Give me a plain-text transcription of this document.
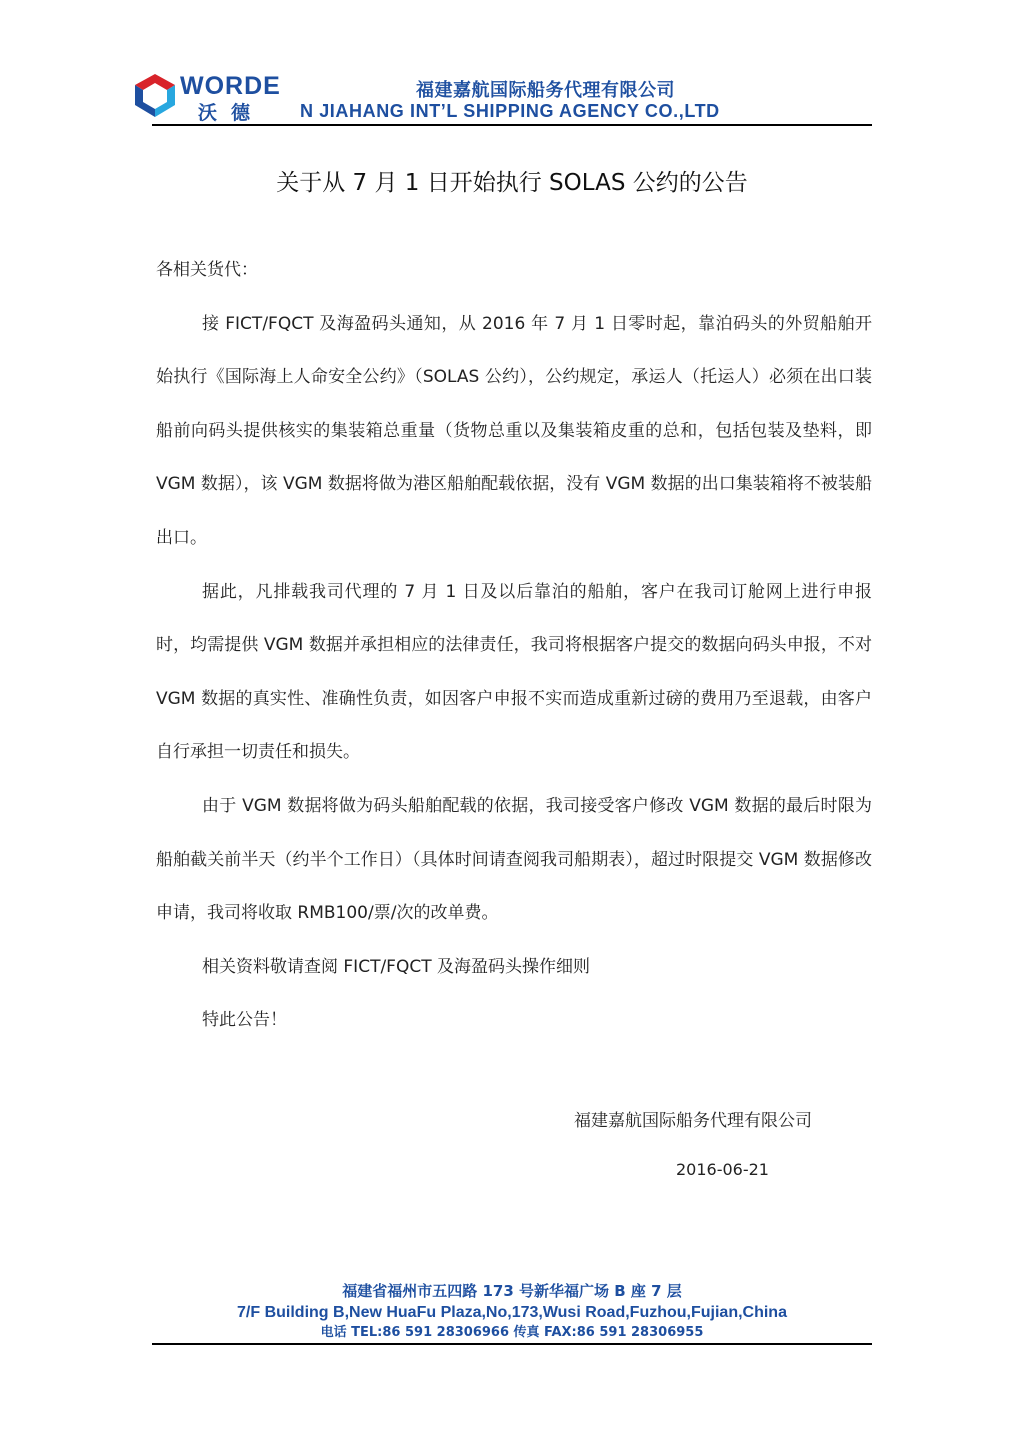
WORDE
沃德
福建嘉航国际船务代理有限公司
N JIAHANG INT’L SHIPPING AGENCY CO.,LTD
关于从 7 月 1 日开始执行 SOLAS 公约的公告

各相关货代：

接 FICT/FQCT 及海盈码头通知，从 2016 年 7 月 1 日零时起，靠泊码头的外贸船舶开始执行《国际海上人命安全公约》（SOLAS 公约），公约规定，承运人（托运人）必须在出口装船前向码头提供核实的集装箱总重量（货物总重以及集装箱皮重的总和，包括包装及垫料，即 VGM 数据），该 VGM 数据将做为港区船舶配载依据，没有 VGM 数据的出口集装箱将不被装船出口。

据此，凡排载我司代理的 7 月 1 日及以后靠泊的船舶，客户在我司订舱网上进行申报时，均需提供 VGM 数据并承担相应的法律责任，我司将根据客户提交的数据向码头申报，不对 VGM 数据的真实性、准确性负责，如因客户申报不实而造成重新过磅的费用乃至退载，由客户自行承担一切责任和损失。

由于 VGM 数据将做为码头船舶配载的依据，我司接受客户修改 VGM 数据的最后时限为船舶截关前半天（约半个工作日）（具体时间请查阅我司船期表），超过时限提交 VGM 数据修改申请，我司将收取 RMB100/票/次的改单费。

相关资料敬请查阅 FICT/FQCT 及海盈码头操作细则

特此公告！

福建嘉航国际船务代理有限公司
2016-06-21
福建省福州市五四路 173 号新华福广场 B 座 7 层
7/F Building B,New HuaFu Plaza,No,173,Wusi Road,Fuzhou,Fujian,China
电话 TEL:86 591 28306966 传真 FAX:86 591 28306955
